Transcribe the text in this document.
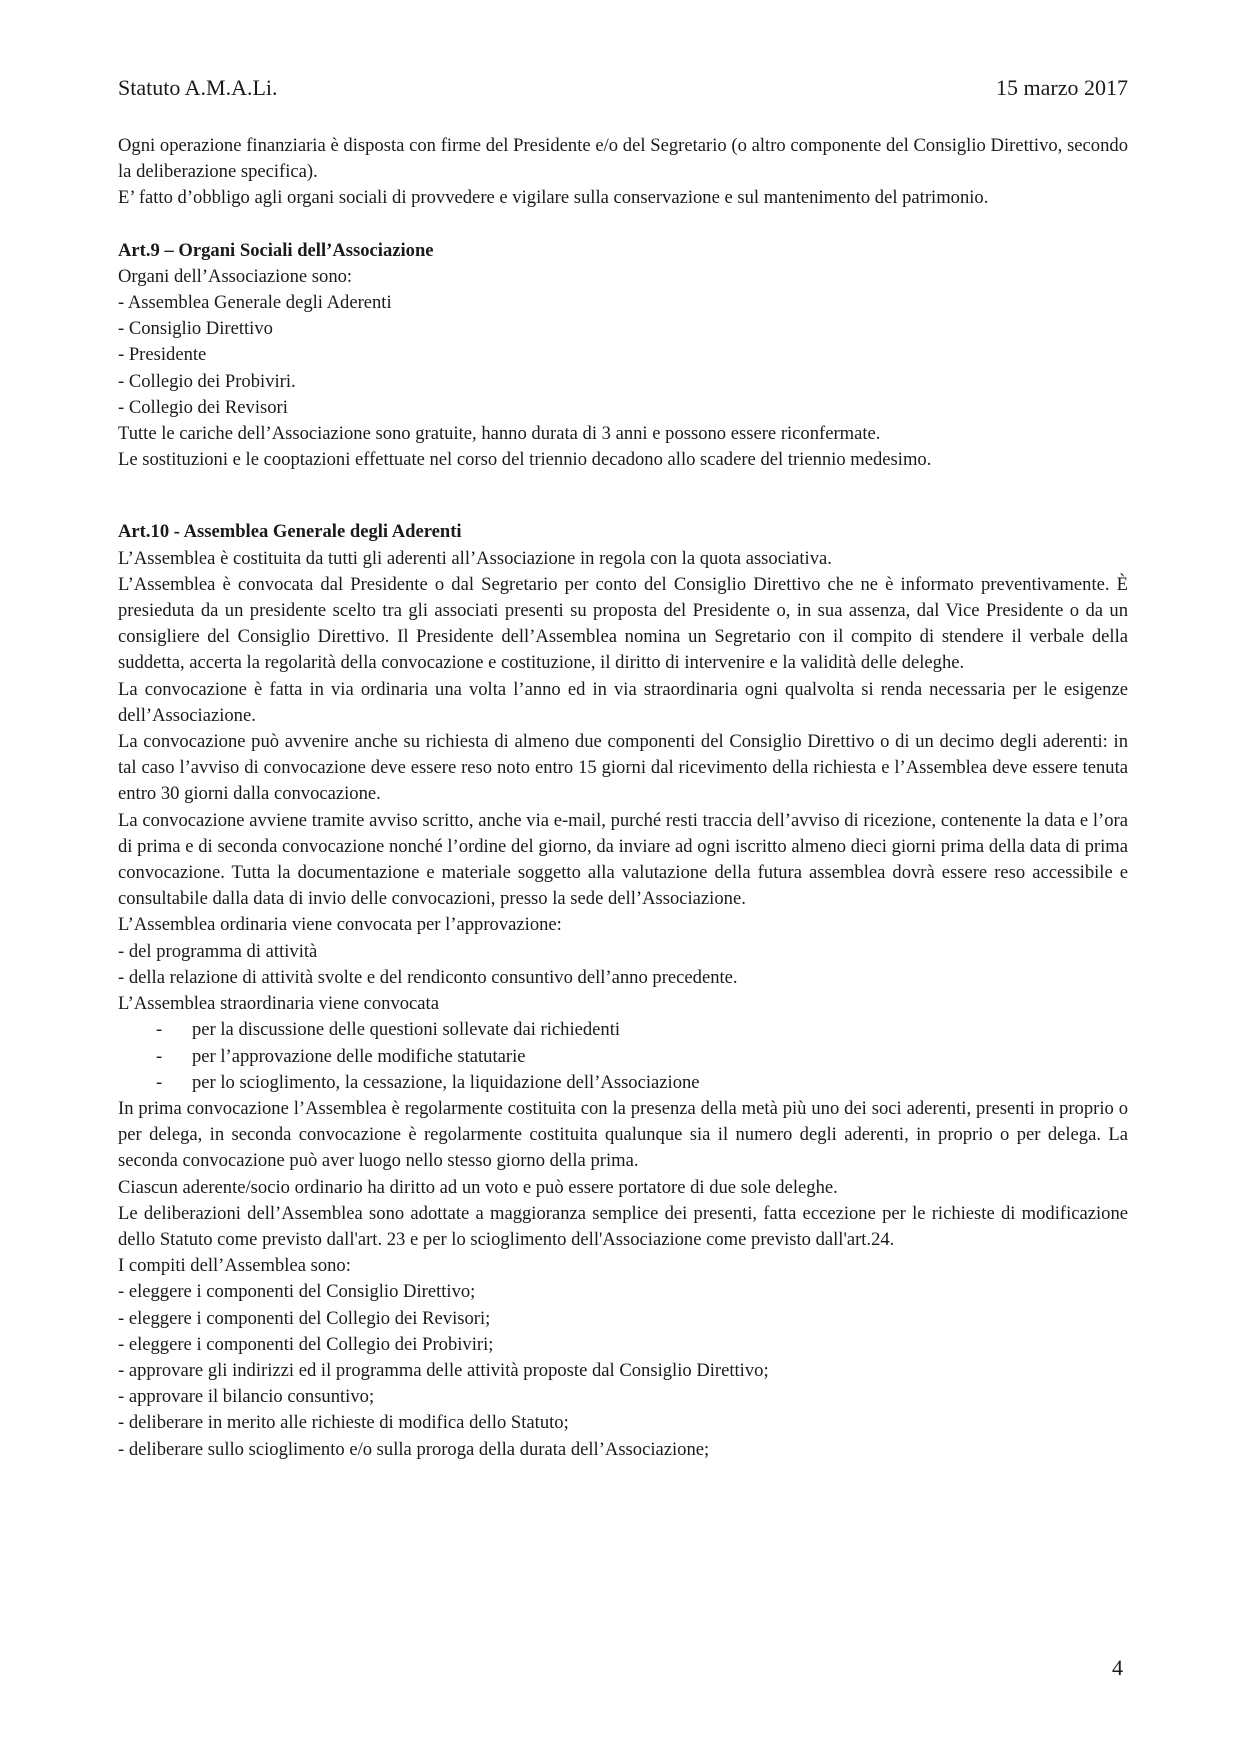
Statuto A.M.A.Li.	15 marzo 2017

Ogni operazione finanziaria è disposta con firme del Presidente e/o del Segretario (o altro componente del Consiglio Direttivo, secondo la deliberazione specifica).

E’ fatto d’obbligo agli organi sociali di provvedere e vigilare sulla conservazione e sul mantenimento del patrimonio.

Art.9 – Organi Sociali dell’Associazione
Organi dell’Associazione sono:
- Assemblea Generale degli Aderenti
- Consiglio Direttivo
- Presidente
- Collegio dei Probiviri.
- Collegio dei Revisori

Tutte le cariche dell’Associazione sono gratuite, hanno durata di 3 anni e possono essere riconfermate.

Le sostituzioni e le cooptazioni effettuate nel corso del triennio decadono allo scadere del triennio medesimo.

Art.10 - Assemblea Generale degli Aderenti

L’Assemblea è costituita da tutti gli aderenti all’Associazione in regola con la quota associativa.

L’Assemblea è convocata dal Presidente o dal Segretario per conto del Consiglio Direttivo che ne è informato preventivamente. È presieduta da un presidente scelto tra gli associati presenti su proposta del Presidente o, in sua assenza, dal Vice Presidente o da un consigliere del Consiglio Direttivo. Il Presidente dell’Assemblea nomina un Segretario con il compito di stendere il verbale della suddetta, accerta la regolarità della convocazione e costituzione, il diritto di intervenire e la validità delle deleghe.

La convocazione è fatta in via ordinaria una volta l’anno ed in via straordinaria ogni qualvolta si renda necessaria per le esigenze dell’Associazione.

La convocazione può avvenire anche su richiesta di almeno due componenti del Consiglio Direttivo o di un decimo degli aderenti: in tal caso l’avviso di convocazione deve essere reso noto entro 15 giorni dal ricevimento della richiesta e l’Assemblea deve essere tenuta entro 30 giorni dalla convocazione.

La convocazione avviene tramite avviso scritto, anche via e-mail, purché resti traccia dell’avviso di ricezione, contenente la data e l’ora di prima e di seconda convocazione nonché l’ordine del giorno, da inviare ad ogni iscritto almeno dieci giorni prima della data di prima convocazione. Tutta la documentazione e materiale soggetto alla valutazione della futura assemblea dovrà essere reso accessibile e consultabile dalla data di invio delle convocazioni, presso la sede dell’Associazione.

L’Assemblea ordinaria viene convocata per l’approvazione:
- del programma di attività
- della relazione di attività svolte e del rendiconto consuntivo dell’anno precedente.
L’Assemblea straordinaria viene convocata
-	per la discussione delle questioni sollevate dai richiedenti
-	per l’approvazione delle modifiche statutarie
-	per lo scioglimento, la cessazione, la liquidazione dell’Associazione

In prima convocazione l’Assemblea è regolarmente costituita con la presenza della metà più uno dei soci aderenti, presenti in proprio o per delega, in seconda convocazione è regolarmente costituita qualunque sia il numero degli aderenti, in proprio o per delega. La seconda convocazione può aver luogo nello stesso giorno della prima.

Ciascun aderente/socio ordinario ha diritto ad un voto e può essere portatore di due sole deleghe.

Le deliberazioni dell’Assemblea sono adottate a maggioranza semplice dei presenti, fatta eccezione per le richieste di modificazione dello Statuto come previsto dall'art. 23 e per lo scioglimento dell'Associazione come previsto dall'art.24.

I compiti dell’Assemblea sono:
- eleggere i componenti del Consiglio Direttivo;
- eleggere i componenti del Collegio dei Revisori;
- eleggere i componenti del Collegio dei Probiviri;
- approvare gli indirizzi ed il programma delle attività proposte dal Consiglio Direttivo;
- approvare il bilancio consuntivo;
- deliberare in merito alle richieste di modifica dello Statuto;
- deliberare sullo scioglimento e/o sulla proroga della durata dell’Associazione;
4
